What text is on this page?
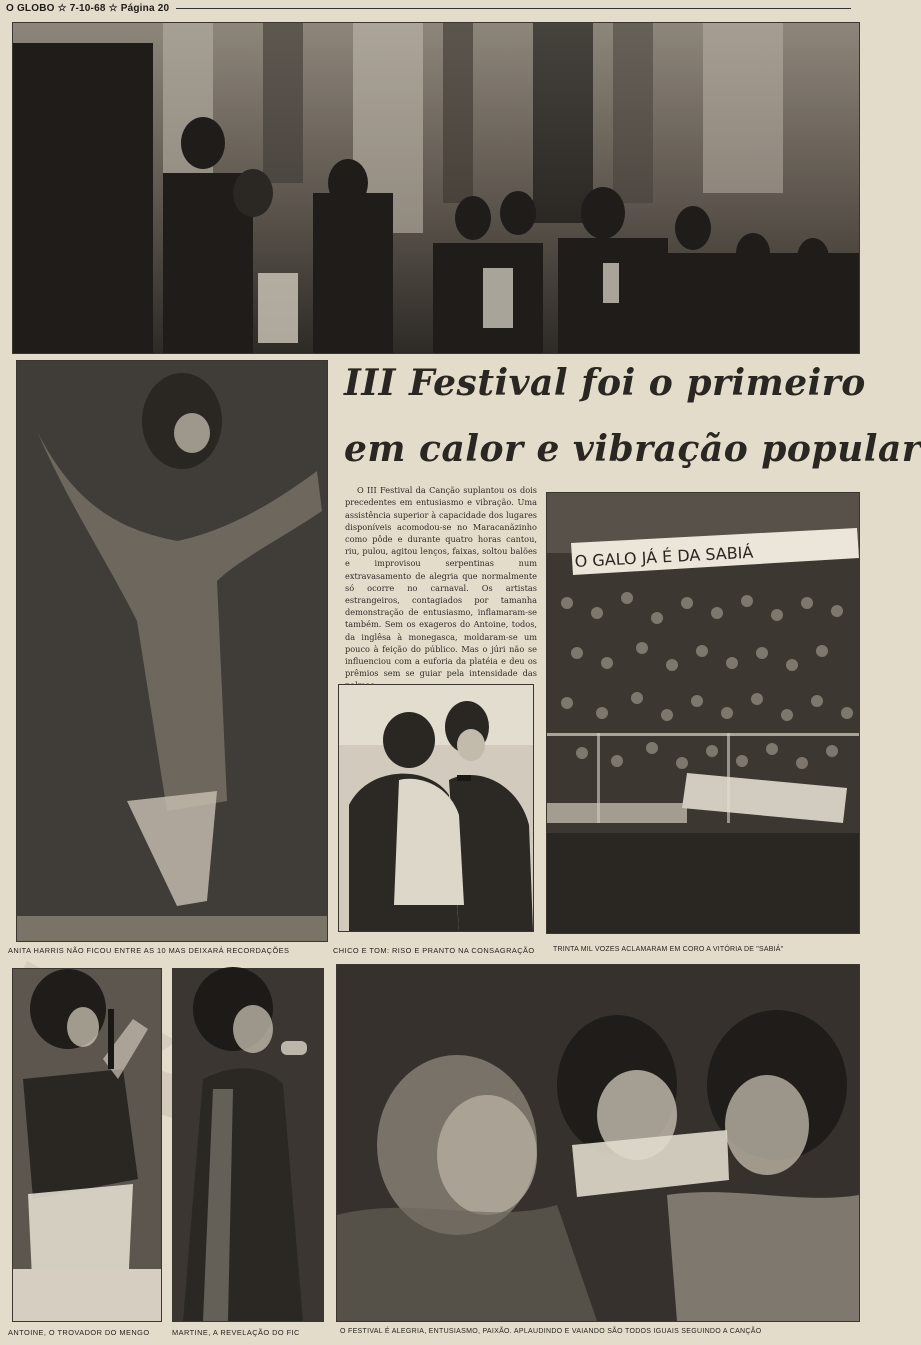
O GLOBO ☆ 7-10-68 ☆ Página 20
III Festival foi o primeiro
em calor e vibração popular

O III Festival da Canção suplantou os dois precedentes em entusiasmo e vibração. Uma assistência superior à capacidade dos lugares disponíveis acomodou-se no Maracanãzinho como pôde e durante quatro horas cantou, riu, pulou, agitou lenços, faixas, soltou balões e improvisou serpentinas num extravasamento de alegria que normalmente só ocorre no carnaval. Os artistas estrangeiros, contagiados por tamanha demonstração de entusiasmo, inflamaram-se também. Sem os exageros do Antoine, todos, da inglêsa à monegasca, moldaram-se um pouco à feição do público. Mas o júri não se influenciou com a euforia da platéia e deu os prêmios sem se guiar pela intensidade das

O GALO JÁ É DA SABIÁ
ANITA HARRIS NÃO FICOU ENTRE AS 10 MAS DEIXARÁ RECORDAÇÕES	CHICO E TOM: RISO E PRANTO NA CONSAGRAÇÃO	TRINTA MIL VOZES ACLAMARAM EM CORO A VITÓRIA DE "SABIÁ"
ANTOINE, O TROVADOR DO MENGO	MARTINE, A REVELAÇÃO DO FIC	O FESTIVAL É ALEGRIA, ENTUSIASMO, PAIXÃO. APLAUDINDO E VAIANDO SÃO TODOS IGUAIS SEGUINDO A CANÇÃO
